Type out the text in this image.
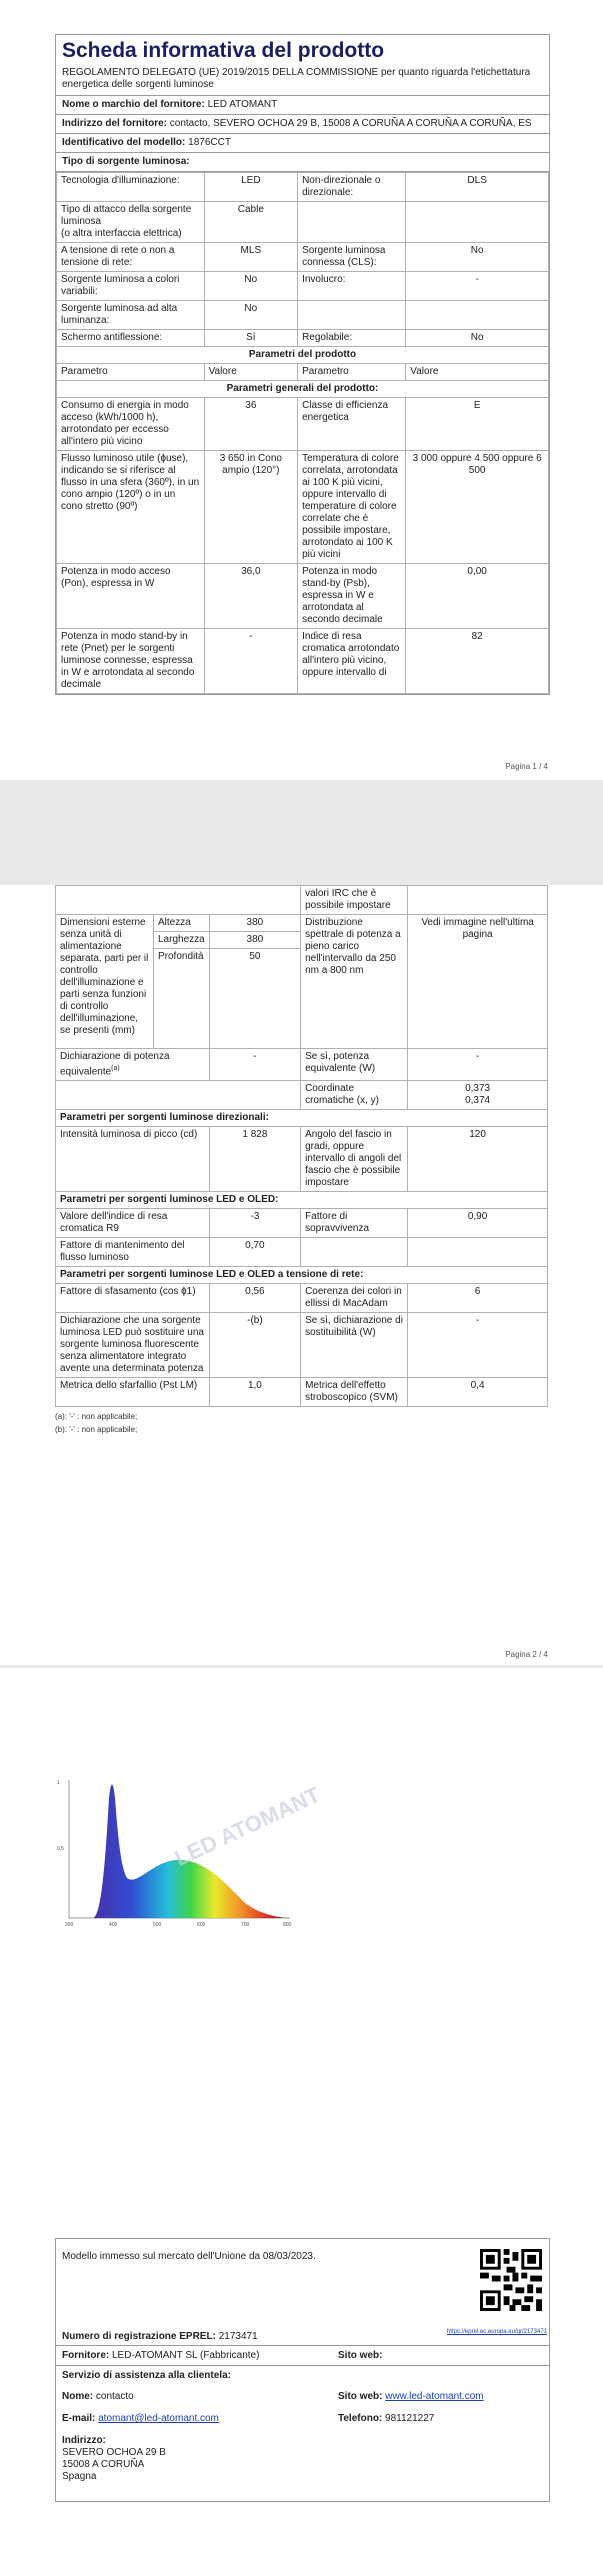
Scheda informativa del prodotto
REGOLAMENTO DELEGATO (UE) 2019/2015 DELLA COMMISSIONE per quanto riguarda l'etichettatura energetica delle sorgenti luminose
Nome o marchio del fornitore: LED ATOMANT
Indirizzo del fornitore: contacto, SEVERO OCHOA 29 B, 15008 A CORUÑA A CORUÑA A CORUÑA, ES
Identificativo del modello: 1876CCT
Tipo di sorgente luminosa:
Tecnologia d'illuminazione:	LED	Non-direzionale o direzionale:	DLS
Tipo di attacco della sorgente luminosa
(o altra interfaccia elettrica)	Cable		
A tensione di rete o non a tensione di rete:	MLS	Sorgente luminosa connessa (CLS):	No
Sorgente luminosa a colori variabili:	No	Involucro:	-
Sorgente luminosa ad alta luminanza:	No		
Schermo antiflessione:	Sì	Regolabile:	No
Parametri del prodotto			
Parametro	Valore	Parametro	Valore
Parametri generali del prodotto:			
Consumo di energia in modo acceso (kWh/1000 h), arrotondato per eccesso all'intero più vicino	36	Classe di efficienza energetica	E
Flusso luminoso utile (ɸuse), indicando se si riferisce al flusso in una sfera (360º), in un cono ampio (120º) o in un cono stretto (90º)	3 650 in Cono ampio (120°)	Temperatura di colore correlata, arrotondata ai 100 K più vicini, oppure intervallo di temperature di colore correlate che è possibile impostare, arrotondato ai 100 K più vicini	3 000 oppure 4 500 oppure 6 500
Potenza in modo acceso (Pon), espressa in W	36,0	Potenza in modo stand-by (Psb), espressa in W e arrotondata al secondo decimale	0,00
Potenza in modo stand-by in rete (Pnet) per le sorgenti luminose connesse, espressa in W e arrotondata al secondo decimale	-	Indice di resa cromatica arrotondato all'intero più vicino, oppure intervallo di	82
Pagina 1 / 4
			valori IRC che è possibile impostare	
Dimensioni esterne senza unità di alimentazione separata, parti per il controllo dell'illuminazione e parti senza funzioni di controllo dell'illuminazione, se presenti (mm)	Altezza	380	Distribuzione spettrale di potenza a pieno carico nell'intervallo da 250 nm a 800 nm	Vedi immagine nell'ultima pagina
	Larghezza	380		
	Profondità	50		
Dichiarazione di potenza equivalente$^{(a)}$		-	Se sì, potenza equivalente (W)	-
			Coordinate cromatiche (x, y)	0,373
0,374

Parametri per sorgenti luminose direzionali:				
Intensità luminosa di picco (cd)		1 828	Angolo del fascio in gradi, oppure intervallo di angoli del fascio che è possibile impostare	120
Parametri per sorgenti luminose LED e OLED:				
Valore dell'indice di resa cromatica R9		-3	Fattore di sopravvivenza	0,90
Fattore di mantenimento del flusso luminoso		0,70		
Parametri per sorgenti luminose LED e OLED a tensione di rete:				
Fattore di sfasamento (cos ɸ1)		0,56	Coerenza dei colori in ellissi di MacAdam	6
Dichiarazione che una sorgente luminosa LED può sostituire una sorgente luminosa fluorescente senza alimentatore integrato avente una determinata potenza		-(b)	Se sì, dichiarazione di sostituibilità (W)	-
Metrica dello sfarfallio (Pst LM)		1,0	Metrica dell'effetto stroboscopico (SVM)	0,4
(a): '-' : non applicabile;
(b): '-' : non applicabile;
Pagina 2 / 4
1
0,5	LED ATOMANT
300	400	500	600	700	800
Modello immesso sul mercato dell'Unione da 08/03/2023.
https://eprel.ec.europa.eu/qr/2173471
Numero di registrazione EPREL: 2173471
Fornitore: LED-ATOMANT SL (Fabbricante)	Sito web:
Servizio di assistenza alla clientela:
Nome: contacto	Sito web: www.led-atomant.com
E-mail: atomant@led-atomant.com	Telefono: 981121227
Indirizzo:
SEVERO OCHOA 29 B
15008 A CORUÑA
Spagna
